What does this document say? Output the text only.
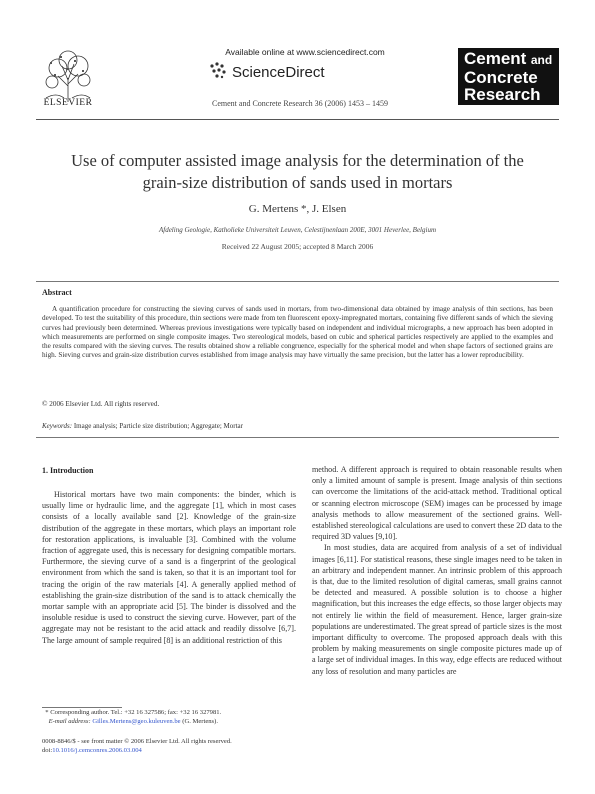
ELSEVIER
Available online at www.sciencedirect.com
ScienceDirect
Cement and Concrete Research 36 (2006) 1453 – 1459
Cement and
Concrete
Research
Use of computer assisted image analysis for the determination of the grain-size distribution of sands used in mortars
G. Mertens *, J. Elsen
Afdeling Geologie, Katholieke Universiteit Leuven, Celestijnenlaan 200E, 3001 Heverlee, Belgium
Received 22 August 2005; accepted 8 March 2006
Abstract
A quantification procedure for constructing the sieving curves of sands used in mortars, from two-dimensional data obtained by image analysis of thin sections, has been developed. To test the suitability of this procedure, thin sections were made from ten fluorescent epoxy-impregnated mortars, containing five different sands of which the sieving curves had previously been determined. Whereas previous investigations were typically based on independent and individual micrographs, a new approach has been adopted in which measurements are performed on single composite images. Two stereological models, based on cubic and spherical particles respectively are applied to the examples and the results compared with the sieving curves. The results obtained show a reliable congruence, especially for the spherical model and when shape factors of sectioned grains are high. Sieving curves and grain-size distribution curves established from image analysis may have virtually the same precision, but the latter has a lower reproducibility.
© 2006 Elsevier Ltd. All rights reserved.
Keywords: Image analysis; Particle size distribution; Aggregate; Mortar
1. Introduction

Historical mortars have two main components: the binder, which is usually lime or hydraulic lime, and the aggregate [1], which in most cases consists of a locally available sand [2]. Knowledge of the grain-size distribution of the aggregate in these mortars, which plays an important role for restoration applications, is invaluable [3]. Combined with the volume fraction of aggregate used, this is necessary for designing compatible mortars. Furthermore, the sieving curve of a sand is a fingerprint of the geological environment from which the sand is taken, so that it is an important tool for tracing the origin of the raw materials [4]. A generally applied method of establishing the grain-size distribution of the sand is to attack chemically the mortar sample with an appropriate acid [5]. The binder is dissolved and the insoluble residue is used to construct the sieving curve. However, part of the aggregate may not be resistant to the acid attack and readily dissolve [6,7]. The large amount of sample required [8] is an additional restriction of this

method. A different approach is required to obtain reasonable results when only a limited amount of sample is present. Image analysis of thin sections can overcome the limitations of the acid-attack method. Traditional optical or scanning electron microscope (SEM) images can be processed by image analysis methods to allow measurement of the sectioned grains. Well-established stereological calculations are used to convert these 2D data to the required 3D values [9,10].

In most studies, data are acquired from analysis of a set of individual images [6,11]. For statistical reasons, these single images need to be taken in an arbitrary and independent manner. An intrinsic problem of this approach is that, due to the limited resolution of digital cameras, small grains cannot be detected and measured. A possible solution is to choose a higher magnification, but this increases the edge effects, so those larger objects may not entirely lie within the field of measurement. Hence, larger grain-size populations are underestimated. The great spread of particle sizes is the most important difficulty to overcome. The proposed approach deals with this problem by making measurements on single composite pictures made up of a large set of individual images. In this way, edge effects are reduced without any loss of resolution and many particles are

* Corresponding author. Tel.: +32 16 327586; fax: +32 16 327981.
E-mail address: Gilles.Mertens@geo.kuleuven.be (G. Mertens).
0008-8846/$ - see front matter © 2006 Elsevier Ltd. All rights reserved.
doi:10.1016/j.cemconres.2006.03.004
